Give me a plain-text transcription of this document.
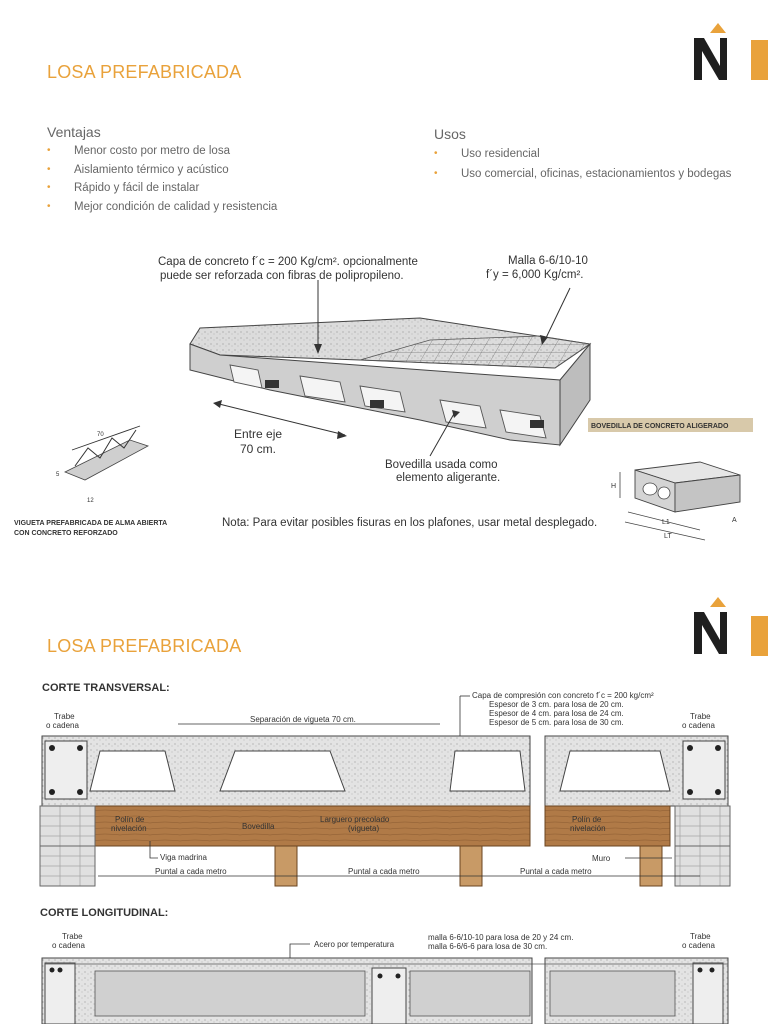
LOSA PREFABRICADA
Ventajas
• Menor costo por metro de losa
• Aislamiento térmico y acústico
• Rápido y fácil de instalar
• Mejor condición de calidad y resistencia
Usos
• Uso residencial
• Uso comercial, oficinas, estacionamientos y bodegas
Capa de concreto f´c = 200 Kg/cm². opcionalmente
puede ser reforzada con fibras de polipropileno.
Malla 6-6/10-10
f´y = 6,000 Kg/cm².
Entre eje
70 cm.
Bovedilla usada como
elemento aligerante.
BOVEDILLA DE CONCRETO ALIGERADO
H
L1
LT
A
70
5
12
VIGUETA PREFABRICADA DE ALMA ABIERTA
CON CONCRETO REFORZADO
Nota: Para evitar posibles fisuras en los plafones, usar metal desplegado.
LOSA PREFABRICADA
CORTE TRANSVERSAL:
Capa de compresión con concreto f´c = 200 kg/cm²
Espesor de 3 cm. para losa de 20 cm.
Espesor de 4 cm. para losa de 24 cm.
Espesor de 5 cm. para losa de 30 cm.
Trabe
o cadena
Trabe
o cadena
Separación de vigueta 70 cm.
Polín de
nivelación	Bovedilla
Larguero precolado
(vigueta)
Polín de
nivelación
Viga madrina	Muro
Puntal a cada metro	Puntal a cada metro	Puntal a cada metro
CORTE LONGITUDINAL:
Trabe
o cadena
Trabe
o cadena
Acero por temperatura
malla 6-6/10-10 para losa de 20 y 24 cm.
malla 6-6/6-6 para losa de 30 cm.
